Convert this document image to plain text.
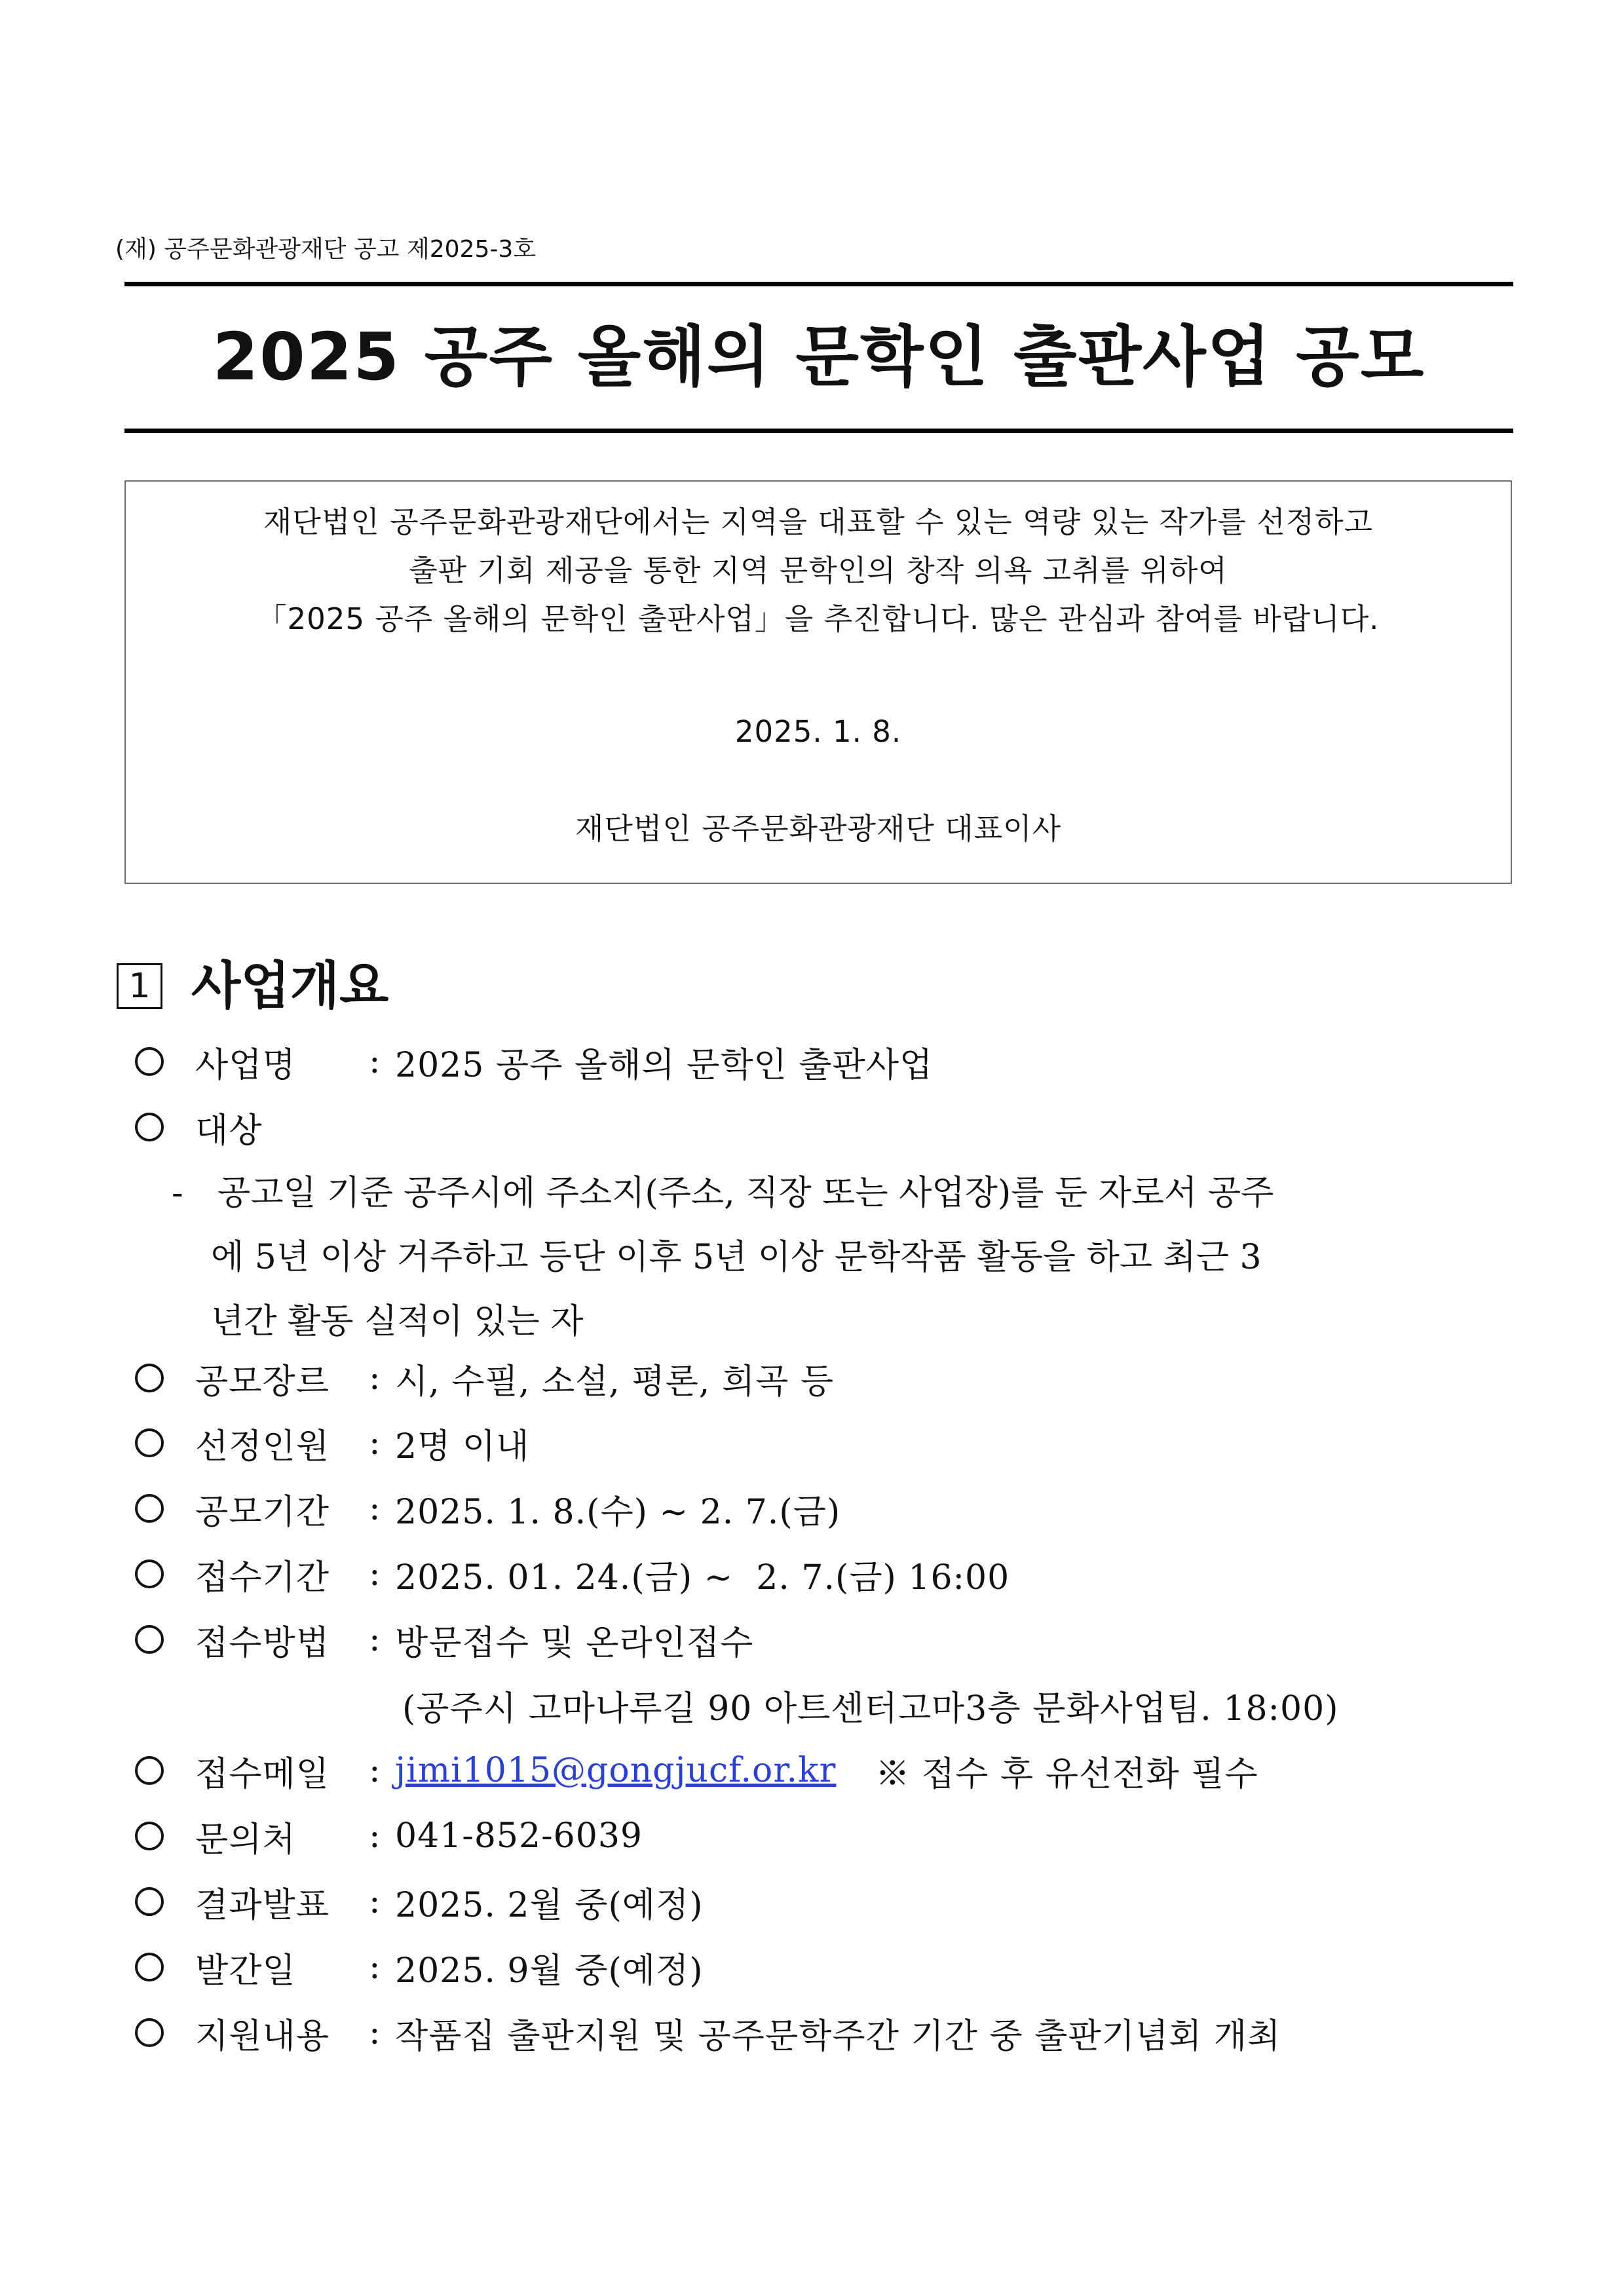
(재) 공주문화관광재단 공고 제2025-3호
2025 공주 올해의 문학인 출판사업 공모
재단법인 공주문화관광재단에서는 지역을 대표할 수 있는 역량 있는 작가를 선정하고
출판 기회 제공을 통한 지역 문학인의 창작 의욕 고취를 위하여
「2025 공주 올해의 문학인 출판사업」을 추진합니다. 많은 관심과 참여를 바랍니다.
2025. 1. 8.
재단법인 공주문화관광재단 대표이사
1 사업개요
사업명	: 2025 공주 올해의 문학인 출판사업
대상
- 공고일 기준 공주시에 주소지(주소, 직장 또는 사업장)를 둔 자로서 공주
에 5년 이상 거주하고 등단 이후 5년 이상 문학작품 활동을 하고 최근 3
년간 활동 실적이 있는 자
공모장르	: 시, 수필, 소설, 평론, 희곡 등
선정인원	: 2명 이내
공모기간	: 2025. 1. 8.(수) ~ 2. 7.(금)
접수기간	: 2025. 01. 24.(금) ~  2. 7.(금) 16:00
접수방법	: 방문접수 및 온라인접수
(공주시 고마나루길 90 아트센터고마3층 문화사업팀. 18:00)
접수메일	: jimi1015@gongjucf.or.kr ※ 접수 후 유선전화 필수
문의처	: 041-852-6039
결과발표	: 2025. 2월 중(예정)
발간일	: 2025. 9월 중(예정)
지원내용	: 작품집 출판지원 및 공주문학주간 기간 중 출판기념회 개최
